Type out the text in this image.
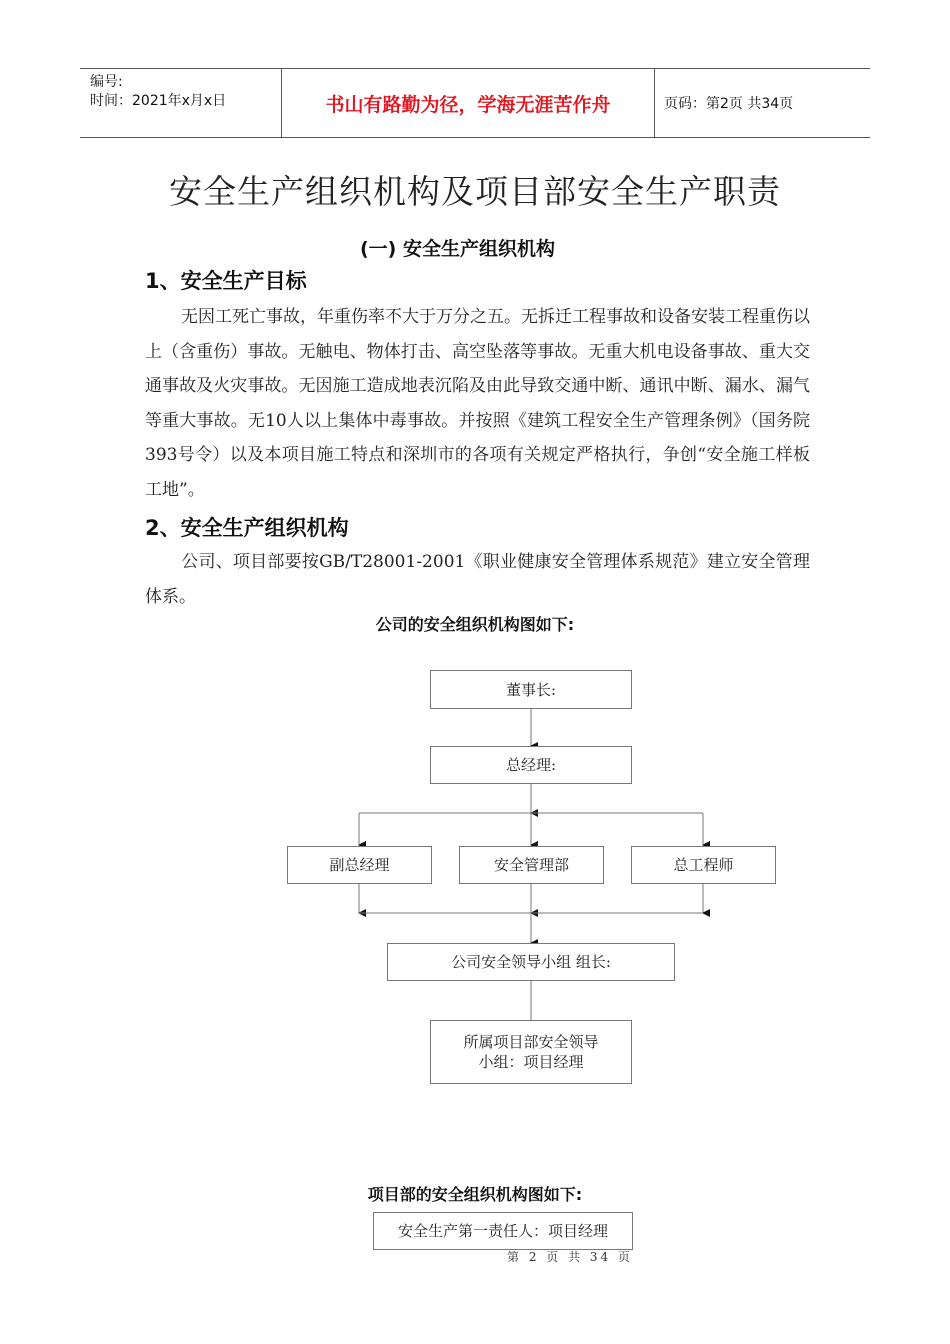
编号:
时间：2021年x月x日	书山有路勤为径，学海无涯苦作舟	页码：第2页 共34页
安全生产组织机构及项目部安全生产职责
(一) 安全生产组织机构
1、安全生产目标
无因工死亡事故，年重伤率不大于万分之五。无拆迁工程事故和设备安装工程重伤以上（含重伤）事故。无触电、物体打击、高空坠落等事故。无重大机电设备事故、重大交通事故及火灾事故。无因施工造成地表沉陷及由此导致交通中断、通讯中断、漏水、漏气等重大事故。无10人以上集体中毒事故。并按照《建筑工程安全生产管理条例》（国务院393号令）以及本项目施工特点和深圳市的各项有关规定严格执行，争创“安全施工样板工地”。
2、安全生产组织机构
公司、项目部要按GB/T28001-2001《职业健康安全管理体系规范》建立安全管理体系。
公司的安全组织机构图如下:
董事长:
总经理:
副总经理	安全管理部	总工程师
公司安全领导小组 组长:
所属项目部安全领导
小组：项目经理
项目部的安全组织机构图如下:
安全生产第一责任人：项目经理
第 2 页 共 34 页
